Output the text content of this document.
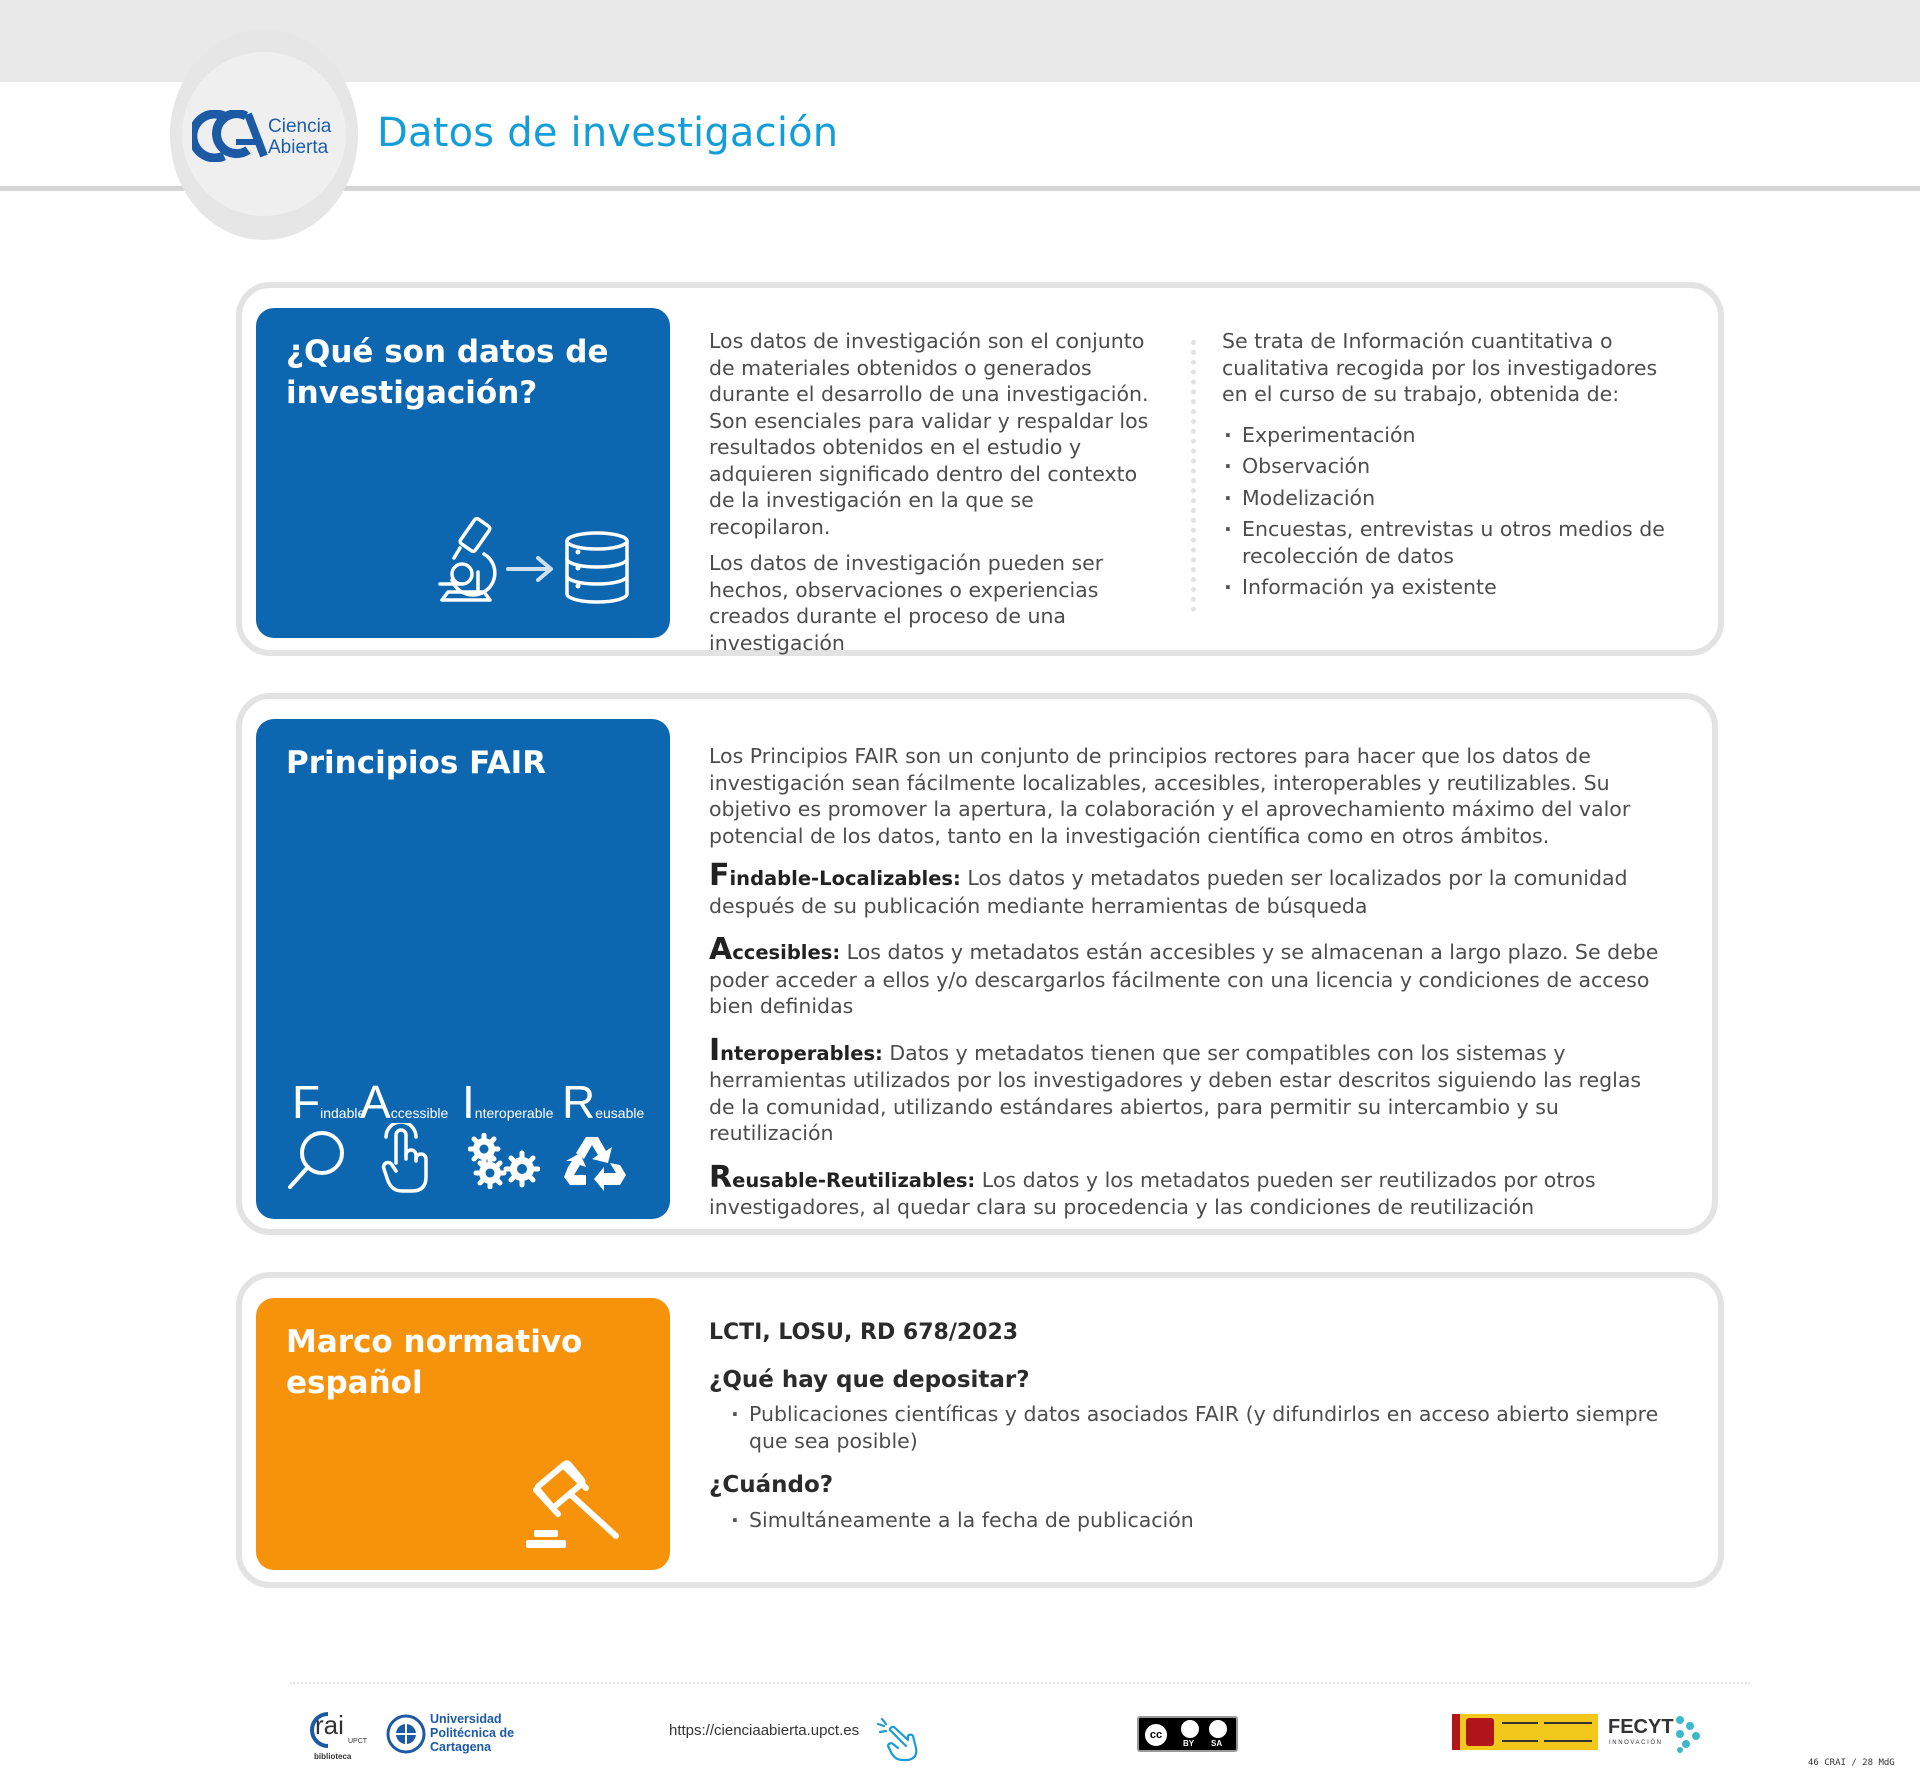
Ciencia
Abierta Datos de investigación
¿Qué son datos de investigación?

Los datos de investigación son el conjunto de materiales obtenidos o generados durante el desarrollo de una investigación. Son esenciales para validar y respaldar los resultados obtenidos en el estudio y adquieren significado dentro del contexto de la investigación en la que se recopilaron.

Los datos de investigación pueden ser hechos, observaciones o experiencias creados durante el proceso de una investigación

Se trata de Información cuantitativa o cualitativa recogida por los investigadores en el curso de su trabajo, obtenida de:

· Experimentación
· Observación
· Modelización
· Encuestas, entrevistas u otros medios de recolección de datos
· Información ya existente
Principios FAIR
Findable
Accessible Interoperable Reusable

Los Principios FAIR son un conjunto de principios rectores para hacer que los datos de investigación sean fácilmente localizables, accesibles, interoperables y reutilizables. Su objetivo es promover la apertura, la colaboración y el aprovechamiento máximo del valor potencial de los datos, tanto en la investigación científica como en otros ámbitos.

Findable-Localizables: Los datos y metadatos pueden ser localizados por la comunidad después de su publicación mediante herramientas de búsqueda
Accesibles: Los datos y metadatos están accesibles y se almacenan a largo plazo. Se debe poder acceder a ellos y/o descargarlos fácilmente con una licencia y condiciones de acceso bien definidas
Interoperables: Datos y metadatos tienen que ser compatibles con los sistemas y herramientas utilizados por los investigadores y deben estar descritos siguiendo las reglas de la comunidad, utilizando estándares abiertos, para permitir su intercambio y su reutilización
Reusable-Reutilizables: Los datos y los metadatos pueden ser reutilizados por otros investigadores, al quedar clara su procedencia y las condiciones de reutilización
Marco normativo español
LCTI, LOSU, RD 678/2023
¿Qué hay que depositar?
· Publicaciones científicas y datos asociados FAIR (y difundirlos en acceso abierto siempre que sea posible)
¿Cuándo?
· Simultáneamente a la fecha de publicación
rai
UPCT
biblioteca
Universidad Politécnica de Cartagena
https://cienciaabierta.upct.es	cc
BY SA
FECYT
INNOVACIÓN
46 CRAI / 28 MdG
